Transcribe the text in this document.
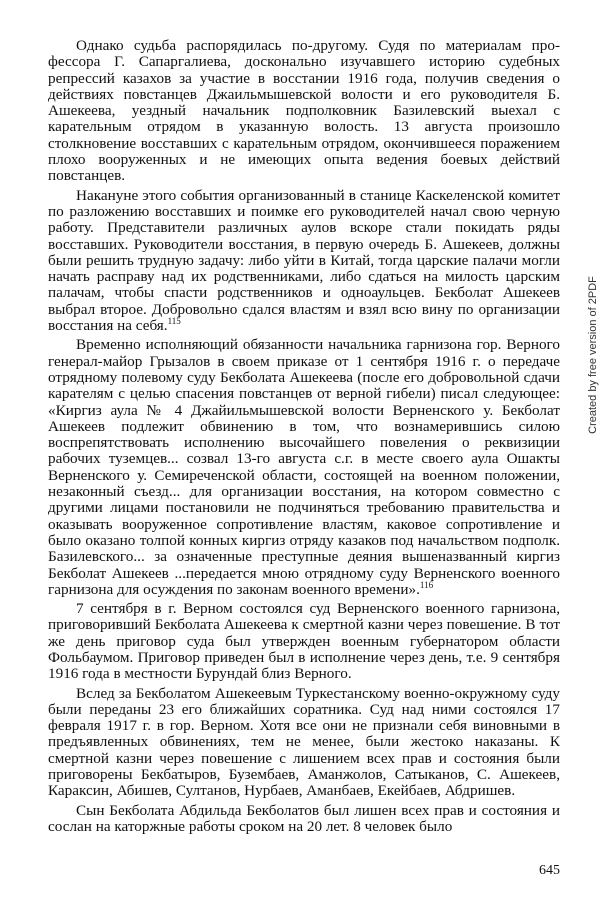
Однако судьба распорядилась по-другому. Судя по материалам профессора Г. Сапаргалиева, досконально изучавшего историю судебных репрессий казахов за участие в восстании 1916 года, получив сведения о действиях повстанцев Джаильмышевской волости и его руководителя Б. Ашекеева, уездный начальник подполковник Базилевский выехал с карательным отрядом в указанную волость. 13 августа произошло столкновение восставших с карательным отрядом, окончившееся поражением плохо вооруженных и не имеющих опыта ведения боевых действий повстанцев.

Накануне этого события организованный в станице Каскеленской комитет по разложению восставших и поимке его руководителей начал свою черную работу. Представители различных аулов вскоре стали покидать ряды восставших. Руководители восстания, в первую очередь Б. Ашекеев, должны были решить трудную задачу: либо уйти в Китай, тогда царские палачи могли начать расправу над их родственниками, либо сдаться на милость царским палачам, чтобы спасти родственников и одноаульцев. Бекболат Ашекеев выбрал второе. Добровольно сдался властям и взял всю вину по организации восстания на себя.$^{115}$

Временно исполняющий обязанности начальника гарнизона гор. Верного генерал-майор Грызалов в своем приказе от 1 сентября 1916 г. о передаче отрядному полевому суду Бекболата Ашекеева (после его добровольной сдачи карателям с целью спасения повстанцев от верной гибели) писал следующее: «Киргиз аула № 4 Джайильмышевской волости Верненского у. Бекболат Ашекеев подлежит обвинению в том, что вознамерившись силою воспрепятствовать исполнению высочайшего повеления о реквизиции рабочих туземцев... созвал 13-го августа с.г. в месте своего аула Ошакты Верненского у. Семиреченской области, состоящей на военном положении, незаконный съезд... для организации восстания, на котором совместно с другими лицами постановили не подчиняться требованию правительства и оказывать вооруженное сопротивление властям, каковое сопротивление и было оказано толпой конных киргиз отряду казаков под начальством подполк. Базилевского... за означенные преступные деяния вышеназванный киргиз Бекболат Ашекеев ...передается мною отрядному суду Верненского военного гарнизона для осуждения по законам военного времени».$^{116}$

7 сентября в г. Верном состоялся суд Верненского военного гарнизона, приговоривший Бекболата Ашекеева к смертной казни через повешение. В тот же день приговор суда был утвержден военным губернатором области Фольбаумом. Приговор приведен был в исполнение через день, т.е. 9 сентября 1916 года в местности Бурундай близ Верного.

Вслед за Бекболатом Ашекеевым Туркестанскому военно-окружному суду были переданы 23 его ближайших соратника. Суд над ними состоялся 17 февраля 1917 г. в гор. Верном. Хотя все они не признали себя виновными в предъявленных обвинениях, тем не менее, были жестоко наказаны. К смертной казни через повешение с лишением всех прав и состояния были приговорены Бекбатыров, Бузембаев, Аманжолов, Сатыканов, С. Ашекеев, Караксин, Абишев, Султанов, Нурбаев, Аманбаев, Екейбаев, Абдришев.

Сын Бекболата Абдильда Бекболатов был лишен всех прав и состояния и сослан на каторжные работы сроком на 20 лет. 8 человек было

Created by free version of 2PDF

645
